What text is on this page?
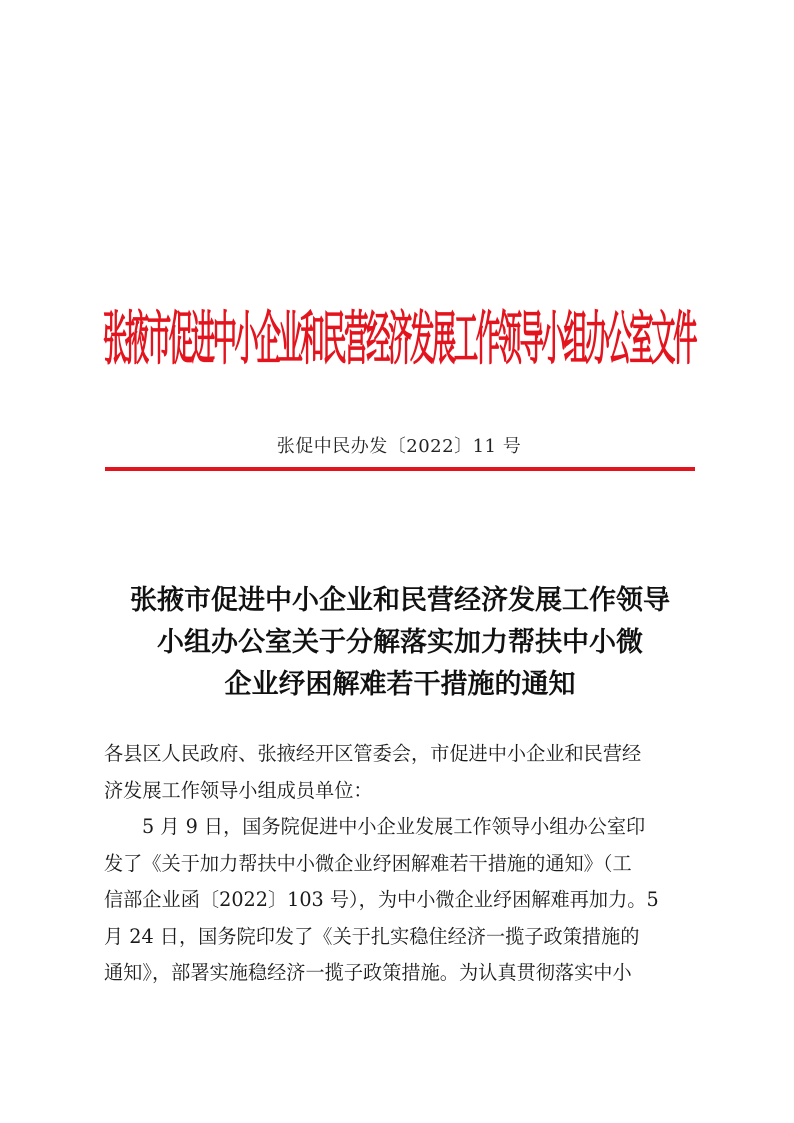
张掖市促进中小企业和民营经济发展工作领导小组办公室文件
张促中民办发〔2022〕11 号
张掖市促进中小企业和民营经济发展工作领导
小组办公室关于分解落实加力帮扶中小微
企业纾困解难若干措施的通知
各县区人民政府、张掖经开区管委会，市促进中小企业和民营经
济发展工作领导小组成员单位：
5 月 9 日，国务院促进中小企业发展工作领导小组办公室印
发了《关于加力帮扶中小微企业纾困解难若干措施的通知》（工
信部企业函〔2022〕103 号），为中小微企业纾困解难再加力。5
月 24 日，国务院印发了《关于扎实稳住经济一揽子政策措施的
通知》，部署实施稳经济一揽子政策措施。为认真贯彻落实中小
